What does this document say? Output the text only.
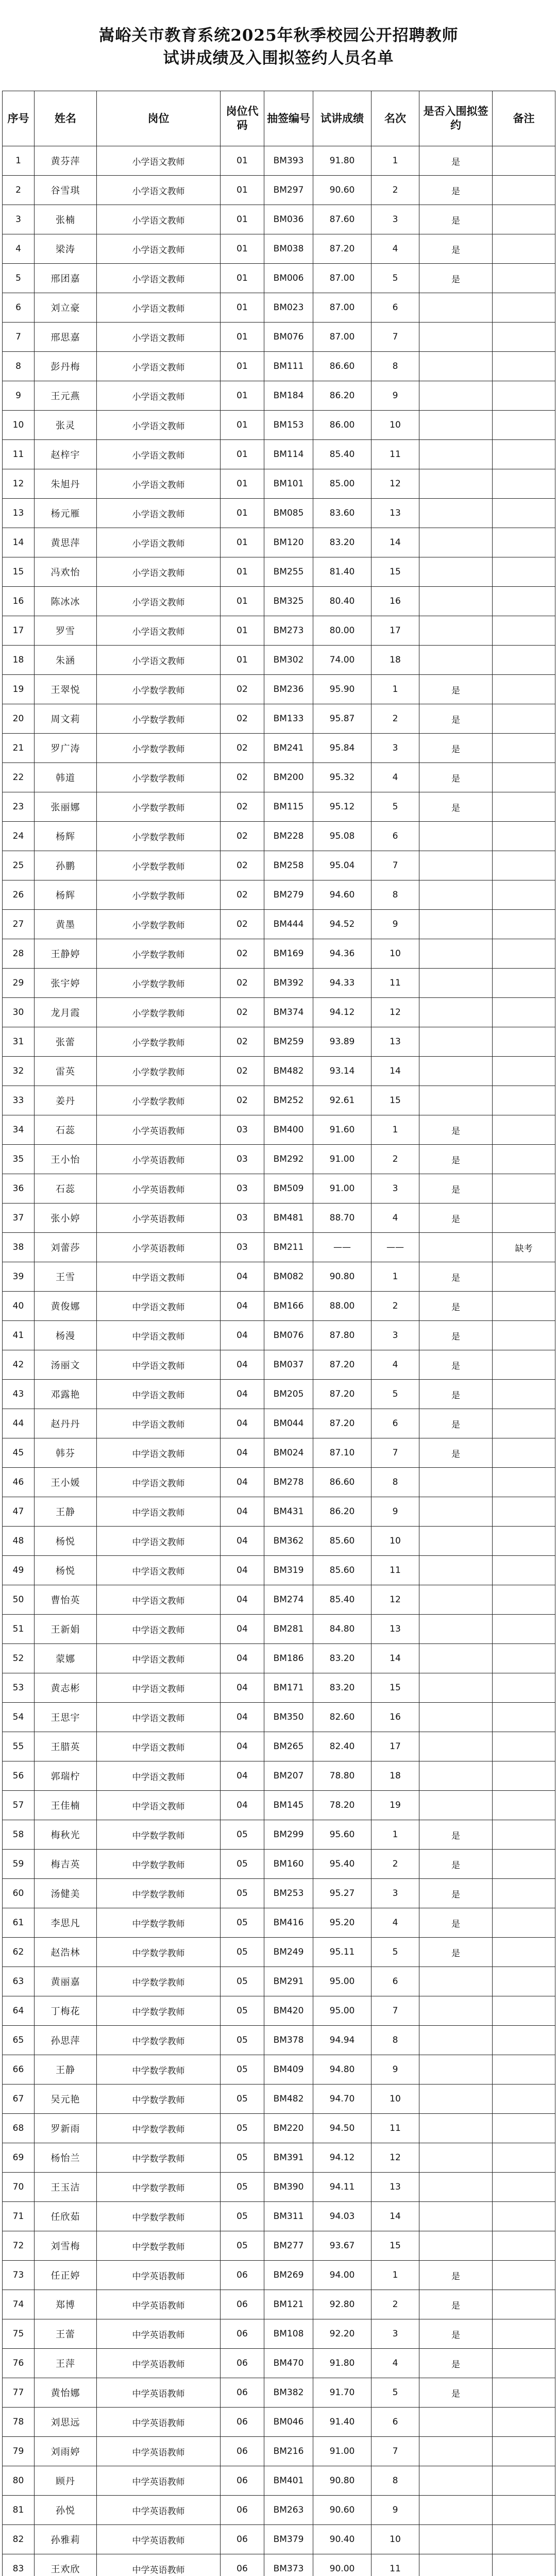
嵩峪关市教育系统2025年秋季校园公开招聘教师
试讲成绩及入围拟签约人员名单
序号	姓名	岗位	岗位代码	抽签编号	试讲成绩	名次	是否入围拟签约	备注
1	黄芬萍	小学语文教师	01	BM393	91.80	1	是	
2	谷雪琪	小学语文教师	01	BM297	90.60	2	是	
3	张楠	小学语文教师	01	BM036	87.60	3	是	
4	梁涛	小学语文教师	01	BM038	87.20	4	是	
5	邢团嘉	小学语文教师	01	BM006	87.00	5	是	
6	刘立豪	小学语文教师	01	BM023	87.00	6		
7	邢思嘉	小学语文教师	01	BM076	87.00	7		
8	彭丹梅	小学语文教师	01	BM111	86.60	8		
9	王元燕	小学语文教师	01	BM184	86.20	9		
10	张灵	小学语文教师	01	BM153	86.00	10		
11	赵梓宇	小学语文教师	01	BM114	85.40	11		
12	朱旭丹	小学语文教师	01	BM101	85.00	12		
13	杨元雁	小学语文教师	01	BM085	83.60	13		
14	黄思萍	小学语文教师	01	BM120	83.20	14		
15	冯欢怡	小学语文教师	01	BM255	81.40	15		
16	陈冰冰	小学语文教师	01	BM325	80.40	16		
17	罗雪	小学语文教师	01	BM273	80.00	17		
18	朱涵	小学语文教师	01	BM302	74.00	18		
19	王翠悦	小学数学教师	02	BM236	95.90	1	是	
20	周文莉	小学数学教师	02	BM133	95.87	2	是	
21	罗广涛	小学数学教师	02	BM241	95.84	3	是	
22	韩道	小学数学教师	02	BM200	95.32	4	是	
23	张丽娜	小学数学教师	02	BM115	95.12	5	是	
24	杨辉	小学数学教师	02	BM228	95.08	6		
25	孙鹏	小学数学教师	02	BM258	95.04	7		
26	杨辉	小学数学教师	02	BM279	94.60	8		
27	黄墨	小学数学教师	02	BM444	94.52	9		
28	王静婷	小学数学教师	02	BM169	94.36	10		
29	张宇婷	小学数学教师	02	BM392	94.33	11		
30	龙月霞	小学数学教师	02	BM374	94.12	12		
31	张蕾	小学数学教师	02	BM259	93.89	13		
32	雷英	小学数学教师	02	BM482	93.14	14		
33	姜丹	小学数学教师	02	BM252	92.61	15		
34	石蕊	小学英语教师	03	BM400	91.60	1	是	
35	王小怡	小学英语教师	03	BM292	91.00	2	是	
36	石蕊	小学英语教师	03	BM509	91.00	3	是	
37	张小婷	小学英语教师	03	BM481	88.70	4	是	
38	刘蕾莎	小学英语教师	03	BM211	——	——		缺考
39	王雪	中学语文教师	04	BM082	90.80	1	是	
40	黄俊娜	中学语文教师	04	BM166	88.00	2	是	
41	杨漫	中学语文教师	04	BM076	87.80	3	是	
42	汤丽文	中学语文教师	04	BM037	87.20	4	是	
43	邓露艳	中学语文教师	04	BM205	87.20	5	是	
44	赵丹丹	中学语文教师	04	BM044	87.20	6	是	
45	韩芬	中学语文教师	04	BM024	87.10	7	是	
46	王小媛	中学语文教师	04	BM278	86.60	8		
47	王静	中学语文教师	04	BM431	86.20	9		
48	杨悦	中学语文教师	04	BM362	85.60	10		
49	杨悦	中学语文教师	04	BM319	85.60	11		
50	曹怡英	中学语文教师	04	BM274	85.40	12		
51	王新娟	中学语文教师	04	BM281	84.80	13		
52	蒙娜	中学语文教师	04	BM186	83.20	14		
53	黄志彬	中学语文教师	04	BM171	83.20	15		
54	王思宇	中学语文教师	04	BM350	82.60	16		
55	王腊英	中学语文教师	04	BM265	82.40	17		
56	郭瑞柠	中学语文教师	04	BM207	78.80	18		
57	王佳楠	中学语文教师	04	BM145	78.20	19		
58	梅秋光	中学数学教师	05	BM299	95.60	1	是	
59	梅吉英	中学数学教师	05	BM160	95.40	2	是	
60	汤健美	中学数学教师	05	BM253	95.27	3	是	
61	李思凡	中学数学教师	05	BM416	95.20	4	是	
62	赵浩林	中学数学教师	05	BM249	95.11	5	是	
63	黄丽嘉	中学数学教师	05	BM291	95.00	6		
64	丁梅花	中学数学教师	05	BM420	95.00	7		
65	孙思萍	中学数学教师	05	BM378	94.94	8		
66	王静	中学数学教师	05	BM409	94.80	9		
67	吴元艳	中学数学教师	05	BM482	94.70	10		
68	罗新雨	中学数学教师	05	BM220	94.50	11		
69	杨怡兰	中学数学教师	05	BM391	94.12	12		
70	王玉洁	中学数学教师	05	BM390	94.11	13		
71	任欣茹	中学数学教师	05	BM311	94.03	14		
72	刘雪梅	中学数学教师	05	BM277	93.67	15		
73	任正婷	中学英语教师	06	BM269	94.00	1	是	
74	郑博	中学英语教师	06	BM121	92.80	2	是	
75	王蕾	中学英语教师	06	BM108	92.20	3	是	
76	王萍	中学英语教师	06	BM470	91.80	4	是	
77	黄怡娜	中学英语教师	06	BM382	91.70	5	是	
78	刘思远	中学英语教师	06	BM046	91.40	6		
79	刘雨婷	中学英语教师	06	BM216	91.00	7		
80	顾丹	中学英语教师	06	BM401	90.80	8		
81	孙悦	中学英语教师	06	BM263	90.60	9		
82	孙雅莉	中学英语教师	06	BM379	90.40	10		
83	王欢欣	中学英语教师	06	BM373	90.00	11		
